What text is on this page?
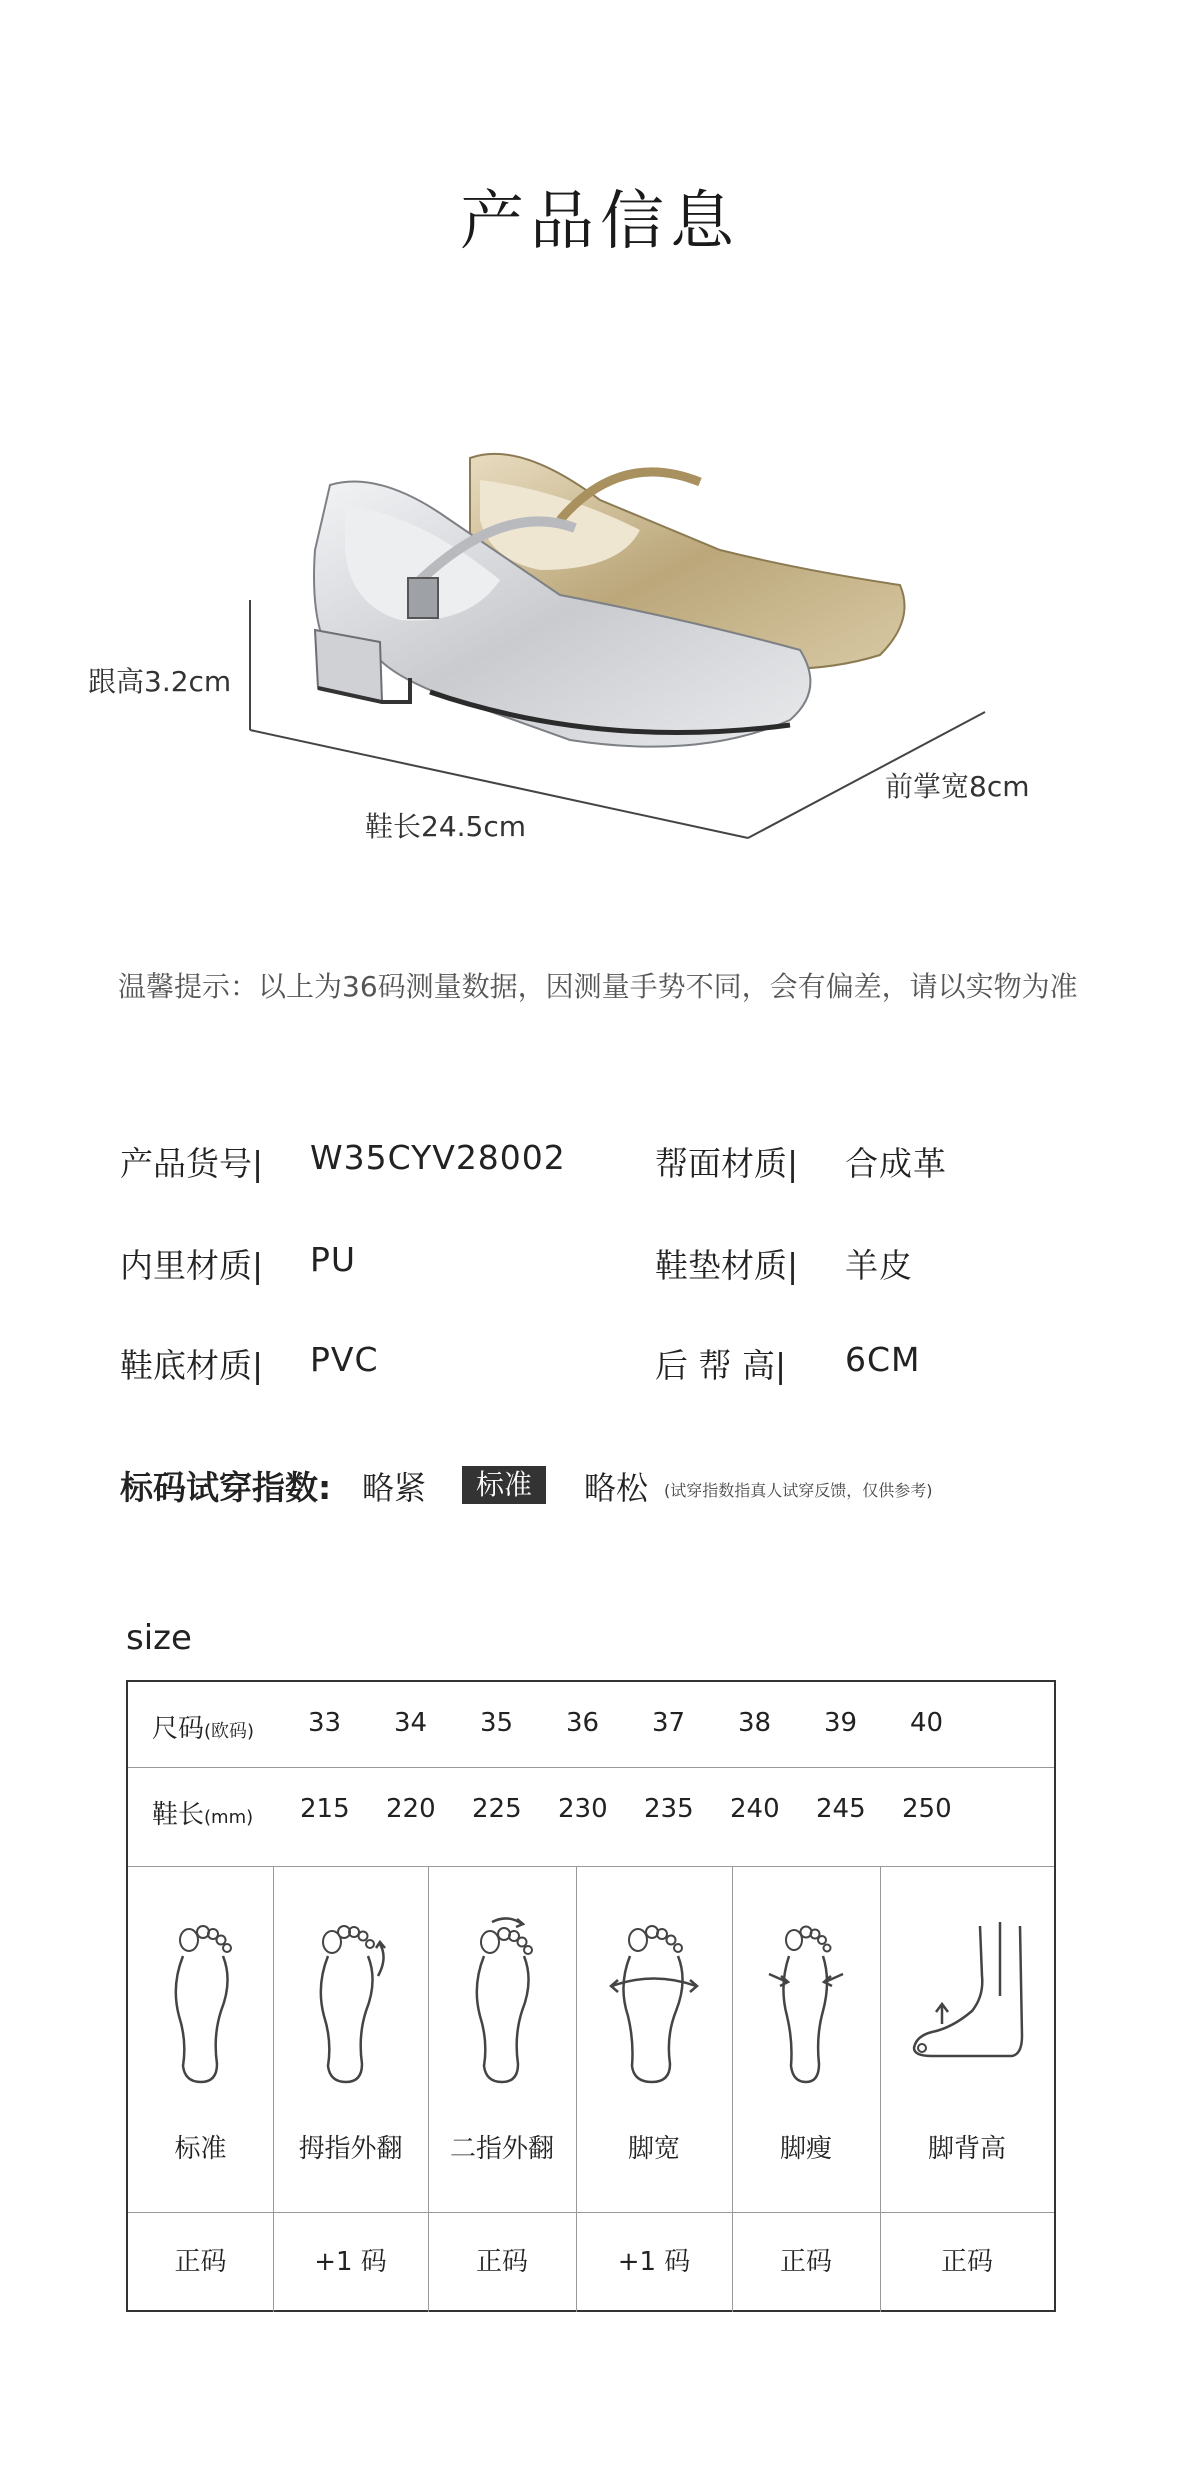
产品信息
跟高3.2cm
鞋长24.5cm
前掌宽8cm
温馨提示：以上为36码测量数据，因测量手势不同，会有偏差，请以实物为准
产品货号| W35CYV28002	帮面材质| 合成革
内里材质| PU	鞋垫材质| 羊皮
鞋底材质| PVC	后 帮 高| 6CM
标码试穿指数: 略紧	标准	略松 (试穿指数指真人试穿反馈，仅供参考)
size
尺码(欧码) 33 34 35 36 37 38 39 40
鞋长(mm) 215 220 225 230 235 240 245 250
标准	拇指外翻	二指外翻	脚宽	脚瘦	脚背高
正码	+1 码	正码	+1 码	正码	正码
